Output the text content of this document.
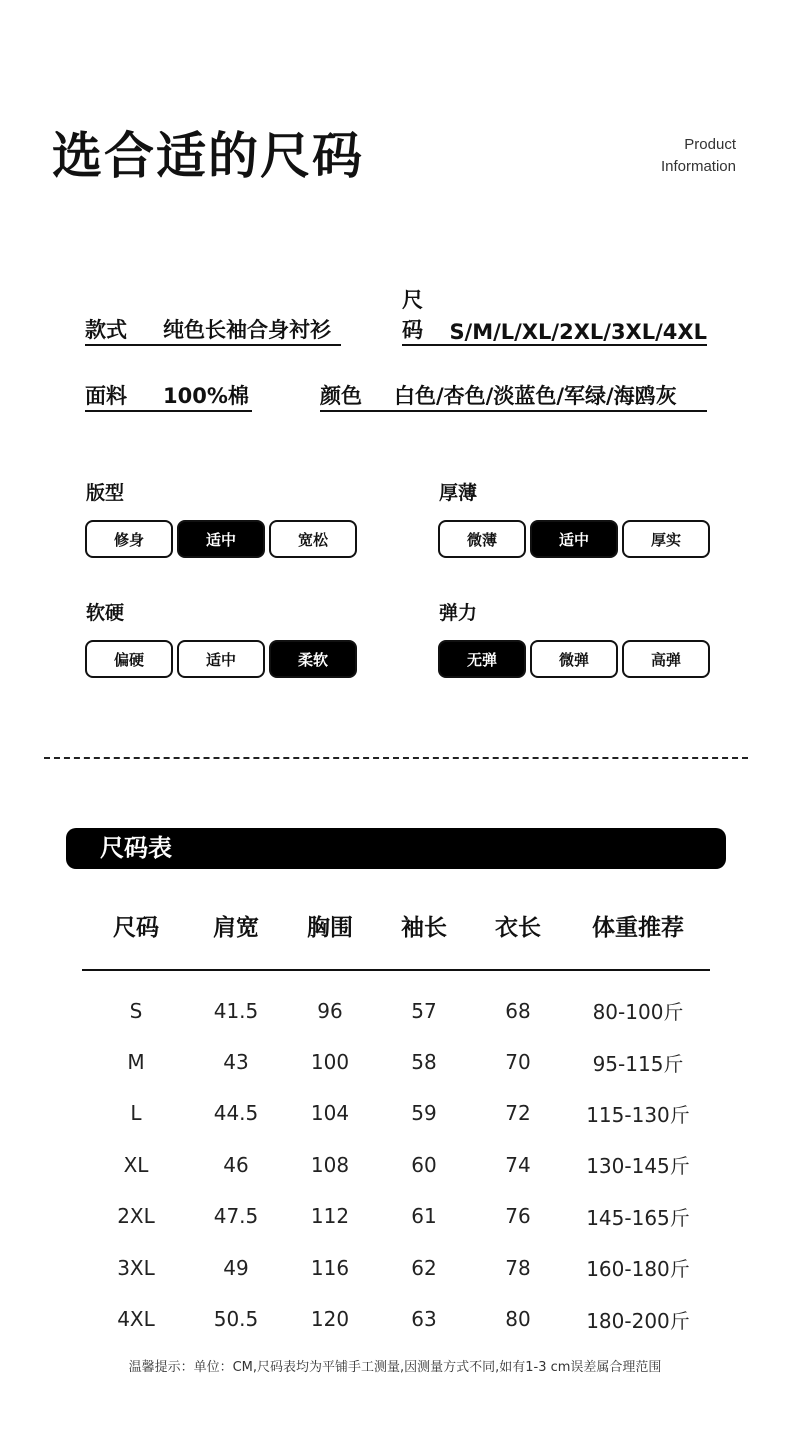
选合适的尺码	Product
Information
款式 纯色长袖合身衬衫
尺码 S/M/L/XL/2XL/3XL/4XL
面料 100%棉	颜色 白色/杏色/淡蓝色/军绿/海鸥灰
版型
修身	适中	宽松
厚薄
微薄	适中	厚实
软硬
偏硬	适中	柔软
弹力
无弹	微弹	高弹
尺码表
尺码	肩宽	胸围	袖长	衣长	体重推荐
S	41.5	96	57	68	80-100斤
M	43	100	58	70	95-115斤
L	44.5	104	59	72	115-130斤
XL	46	108	60	74	130-145斤
2XL	47.5	112	61	76	145-165斤
3XL	49	116	62	78	160-180斤
4XL	50.5	120	63	80	180-200斤
温馨提示：单位：CM,尺码表均为平铺手工测量,因测量方式不同,如有1-3 cm误差属合理范围
